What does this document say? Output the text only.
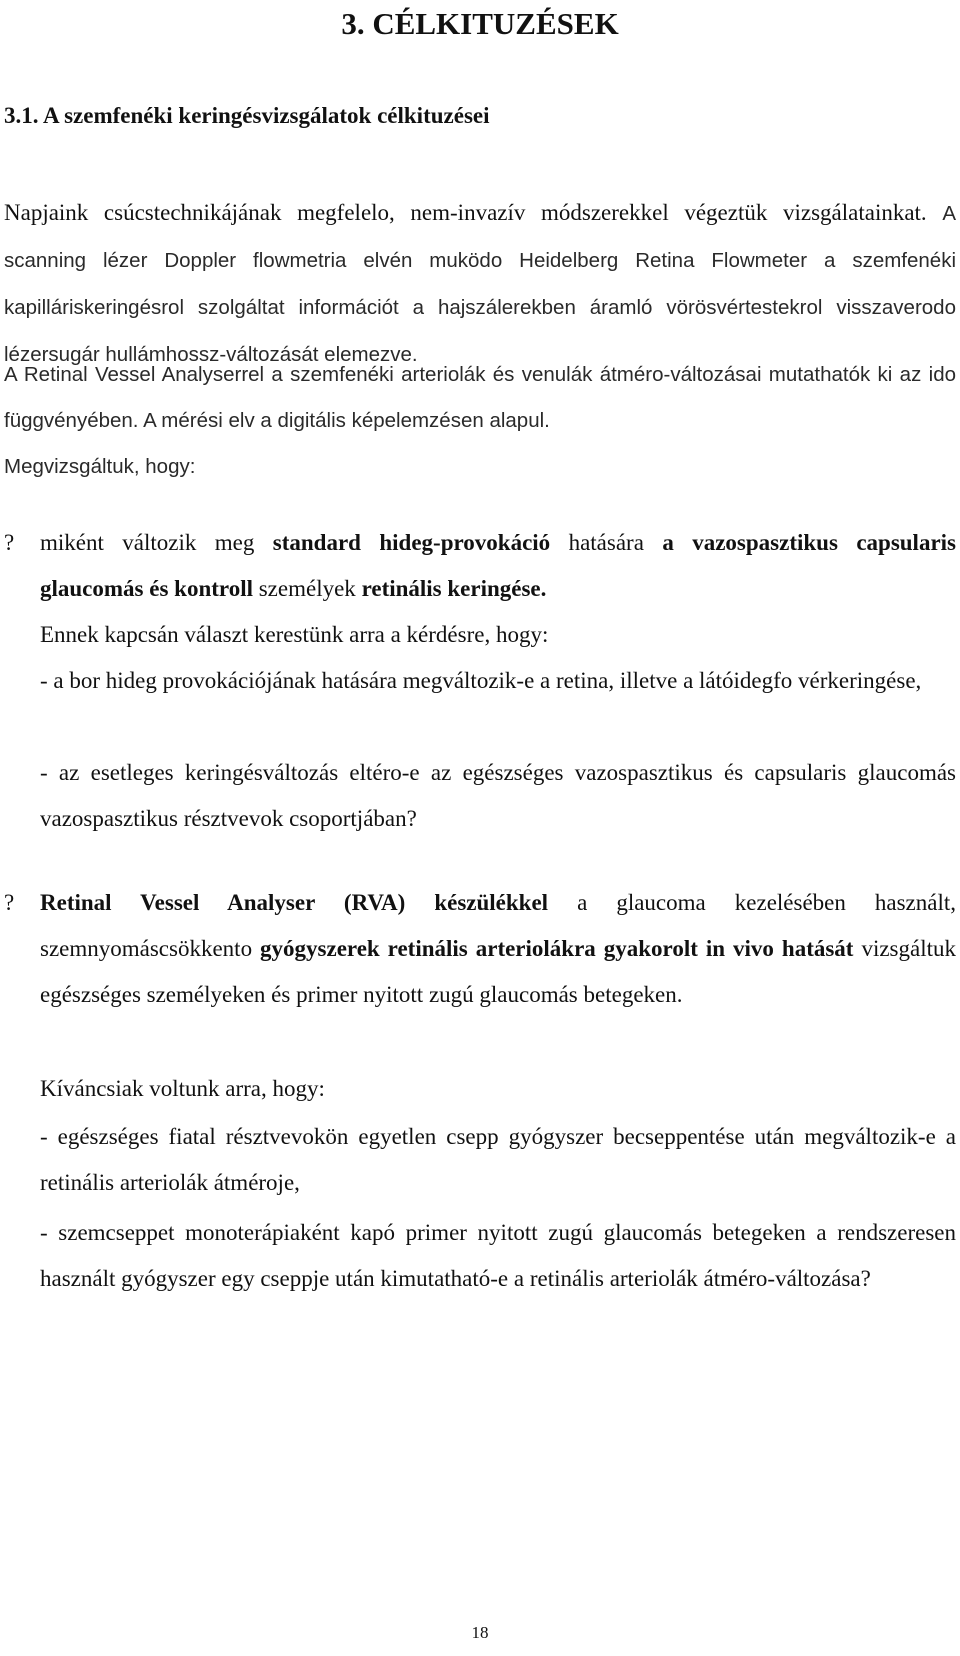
3. CÉLKITUZÉSEK
3.1. A szemfenéki keringésvizsgálatok célkituzései

Napjaink csúcstechnikájának megfelelo, nem-invazív módszerekkel végeztük vizsgálatainkat. A scanning lézer Doppler flowmetria elvén muködo Heidelberg Retina Flowmeter a szemfenéki kapilláriskeringésrol szolgáltat információt a hajszálerekben áramló vörösvértestekrol visszaverodo lézersugár hullámhossz-változását elemezve.

A Retinal Vessel Analyserrel a szemfenéki arteriolák és venulák átméro-változásai mutathatók ki az ido függvényében. A mérési elv a digitális képelemzésen alapul.
Megvizsgáltuk, hogy:

? miként változik meg standard hideg-provokáció hatására a vazospasztikus capsularis glaucomás és kontroll személyek retinális keringése.

Ennek kapcsán választ kerestünk arra a kérdésre, hogy:

- a bor hideg provokációjának hatására megváltozik-e a retina, illetve a látóidegfo vérkeringése,

- az esetleges keringésváltozás eltéro-e az egészséges vazospasztikus és capsularis glaucomás vazospasztikus résztvevok csoportjában?

? Retinal Vessel Analyser (RVA) készülékkel a glaucoma kezelésében használt, szemnyomáscsökkento gyógyszerek retinális arteriolákra gyakorolt in vivo hatását vizsgáltuk egészséges személyeken és primer nyitott zugú glaucomás betegeken.

Kíváncsiak voltunk arra, hogy:

- egészséges fiatal résztvevokön egyetlen csepp gyógyszer becseppentése után megváltozik-e a retinális arteriolák átméroje,

- szemcseppet monoterápiaként kapó primer nyitott zugú glaucomás betegeken a rendszeresen használt gyógyszer egy cseppje után kimutatható-e a retinális arteriolák átméro-változása?

18
